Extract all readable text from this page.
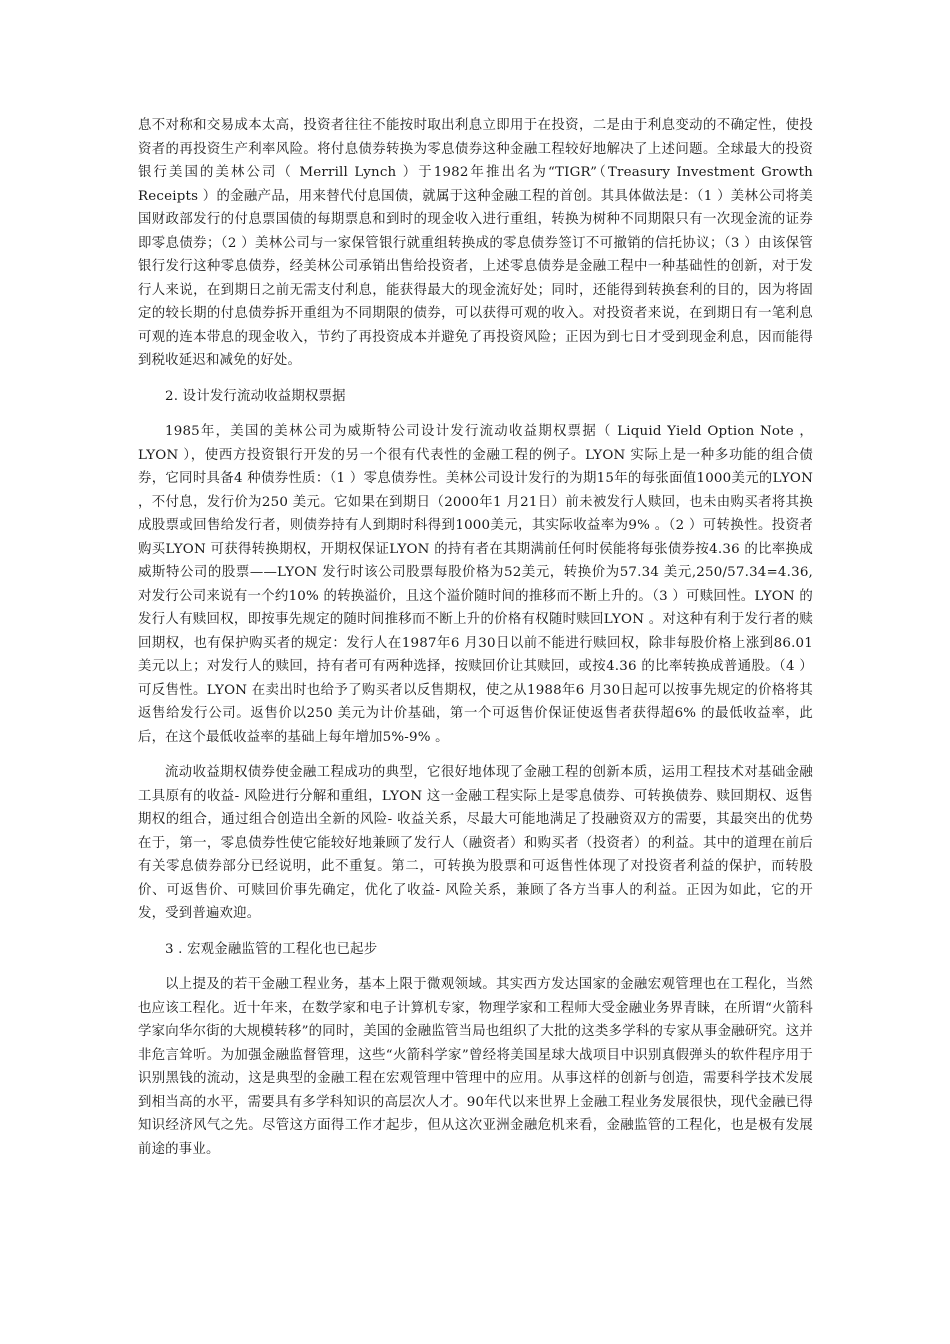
息不对称和交易成本太高，投资者往往不能按时取出利息立即用于在投资，二是由于利息变动的不确定性，使投资者的再投资生产利率风险。将付息债券转换为零息债券这种金融工程较好地解决了上述问题。全球最大的投资银行美国的美林公司（ Merrill Lynch ）于1982年推出名为“TIGR”（Treasury Investment Growth Receipts ）的金融产品，用来替代付息国债，就属于这种金融工程的首创。其具体做法是：（1 ）美林公司将美国财政部发行的付息票国债的每期票息和到时的现金收入进行重组，转换为树种不同期限只有一次现金流的证券即零息债券；（2 ）美林公司与一家保管银行就重组转换成的零息债券签订不可撤销的信托协议；（3 ）由该保管银行发行这种零息债券，经美林公司承销出售给投资者，上述零息债券是金融工程中一种基础性的创新，对于发行人来说，在到期日之前无需支付利息，能获得最大的现金流好处；同时，还能得到转换套利的目的，因为将固定的较长期的付息债券拆开重组为不同期限的债券，可以获得可观的收入。对投资者来说，在到期日有一笔利息可观的连本带息的现金收入，节约了再投资成本并避免了再投资风险；正因为到七日才受到现金利息，因而能得到税收延迟和减免的好处。

2. 设计发行流动收益期权票据

1985年，美国的美林公司为威斯特公司设计发行流动收益期权票据（ Liquid Yield Option Note ，LYON ），使西方投资银行开发的另一个很有代表性的金融工程的例子。LYON 实际上是一种多功能的组合债券，它同时具备4 种债券性质：（1 ）零息债券性。美林公司设计发行的为期15年的每张面值1000美元的LYON ，不付息，发行价为250 美元。它如果在到期日（2000年1 月21日）前未被发行人赎回，也未由购买者将其换成股票或回售给发行者，则债券持有人到期时科得到1000美元，其实际收益率为9% 。（2 ）可转换性。投资者购买LYON 可获得转换期权，开期权保证LYON 的持有者在其期满前任何时侯能将每张债券按4.36 的比率换成威斯特公司的股票——LYON 发行时该公司股票每股价格为52美元，转换价为57.34 美元,250/57.34=4.36, 对发行公司来说有一个约10% 的转换溢价，且这个溢价随时间的推移而不断上升的。（3 ）可赎回性。LYON 的发行人有赎回权，即按事先规定的随时间推移而不断上升的价格有权随时赎回LYON 。对这种有利于发行者的赎回期权，也有保护购买者的规定：发行人在1987年6 月30日以前不能进行赎回权，除非每股价格上涨到86.01 美元以上；对发行人的赎回，持有者可有两种选择，按赎回价让其赎回，或按4.36 的比率转换成普通股。（4 ）可反售性。LYON 在卖出时也给予了购买者以反售期权，使之从1988年6 月30日起可以按事先规定的价格将其返售给发行公司。返售价以250 美元为计价基础，第一个可返售价保证使返售者获得超6% 的最低收益率，此后，在这个最低收益率的基础上每年增加5%-9% 。

流动收益期权债券使金融工程成功的典型，它很好地体现了金融工程的创新本质，运用工程技术对基础金融工具原有的收益- 风险进行分解和重组，LYON 这一金融工程实际上是零息债券、可转换债券、赎回期权、返售期权的组合，通过组合创造出全新的风险- 收益关系，尽最大可能地满足了投融资双方的需要，其最突出的优势在于，第一，零息债券性使它能较好地兼顾了发行人（融资者）和购买者（投资者）的利益。其中的道理在前后有关零息债券部分已经说明，此不重复。第二，可转换为股票和可返售性体现了对投资者利益的保护，而转股价、可返售价、可赎回价事先确定，优化了收益- 风险关系，兼顾了各方当事人的利益。正因为如此，它的开发，受到普遍欢迎。

3 . 宏观金融监管的工程化也已起步

以上提及的若干金融工程业务，基本上限于微观领域。其实西方发达国家的金融宏观管理也在工程化，当然也应该工程化。近十年来，在数学家和电子计算机专家，物理学家和工程师大受金融业务界青睐，在所谓“火箭科学家向华尔街的大规模转移”的同时，美国的金融监管当局也组织了大批的这类多学科的专家从事金融研究。这并非危言耸听。为加强金融监督管理，这些“火箭科学家”曾经将美国星球大战项目中识别真假弹头的软件程序用于识别黑钱的流动，这是典型的金融工程在宏观管理中管理中的应用。从事这样的创新与创造，需要科学技术发展到相当高的水平，需要具有多学科知识的高层次人才。90年代以来世界上金融工程业务发展很快，现代金融已得知识经济风气之先。尽管这方面得工作才起步，但从这次亚洲金融危机来看，金融监管的工程化，也是极有发展前途的事业。
